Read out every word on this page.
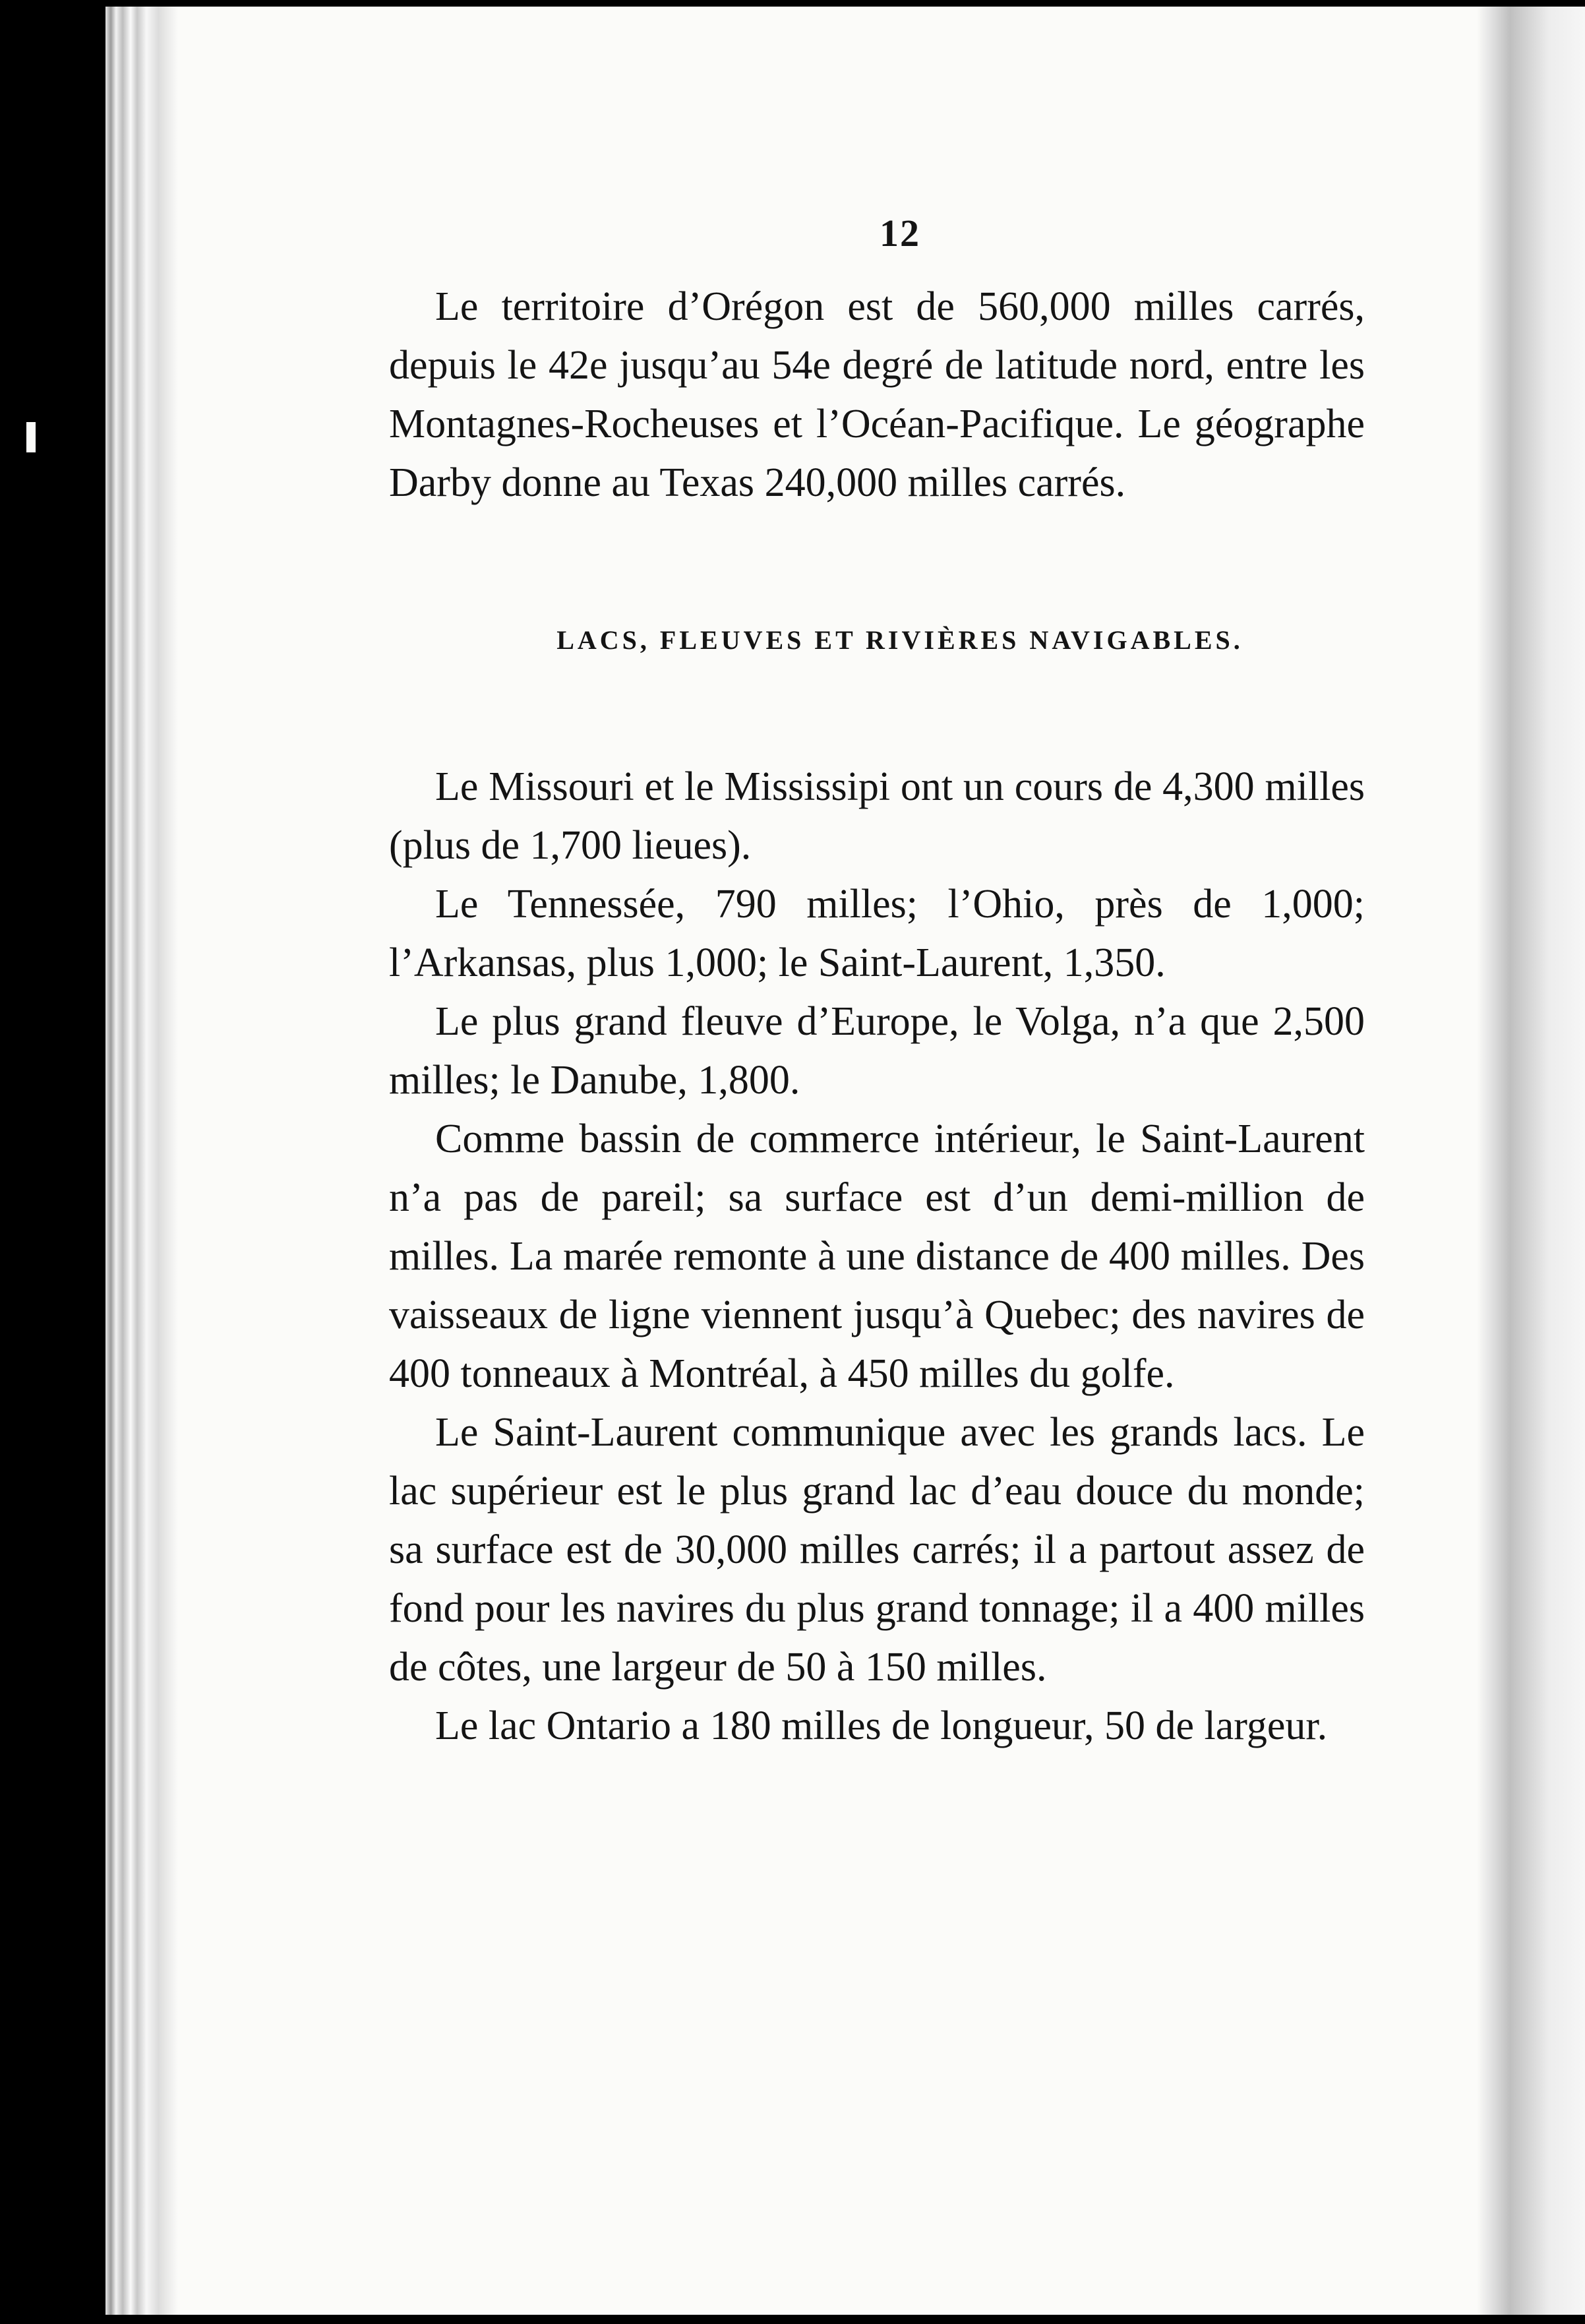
12

Le territoire d’Orégon est de 560,000 milles carrés, depuis le 42e jusqu’au 54e degré de latitude nord, entre les Montagnes-Rocheuses et l’Océan-Pacifique. Le géographe Darby donne au Texas 240,000 milles carrés.

LACS, FLEUVES ET RIVIÈRES NAVIGABLES.

Le Missouri et le Mississipi ont un cours de 4,300 milles (plus de 1,700 lieues).

Le Tennessée, 790 milles; l’Ohio, près de 1,000; l’Arkansas, plus 1,000; le Saint-Laurent, 1,350.

Le plus grand fleuve d’Europe, le Volga, n’a que 2,500 milles; le Danube, 1,800.

Comme bassin de commerce intérieur, le Saint-Laurent n’a pas de pareil; sa surface est d’un demi-million de milles. La marée remonte à une distance de 400 milles. Des vaisseaux de ligne viennent jusqu’à Quebec; des navires de 400 tonneaux à Montréal, à 450 milles du golfe.

Le Saint-Laurent communique avec les grands lacs. Le lac supérieur est le plus grand lac d’eau douce du monde; sa surface est de 30,000 milles carrés; il a partout assez de fond pour les navires du plus grand tonnage; il a 400 milles de côtes, une largeur de 50 à 150 milles.

Le lac Ontario a 180 milles de longueur, 50 de largeur.
